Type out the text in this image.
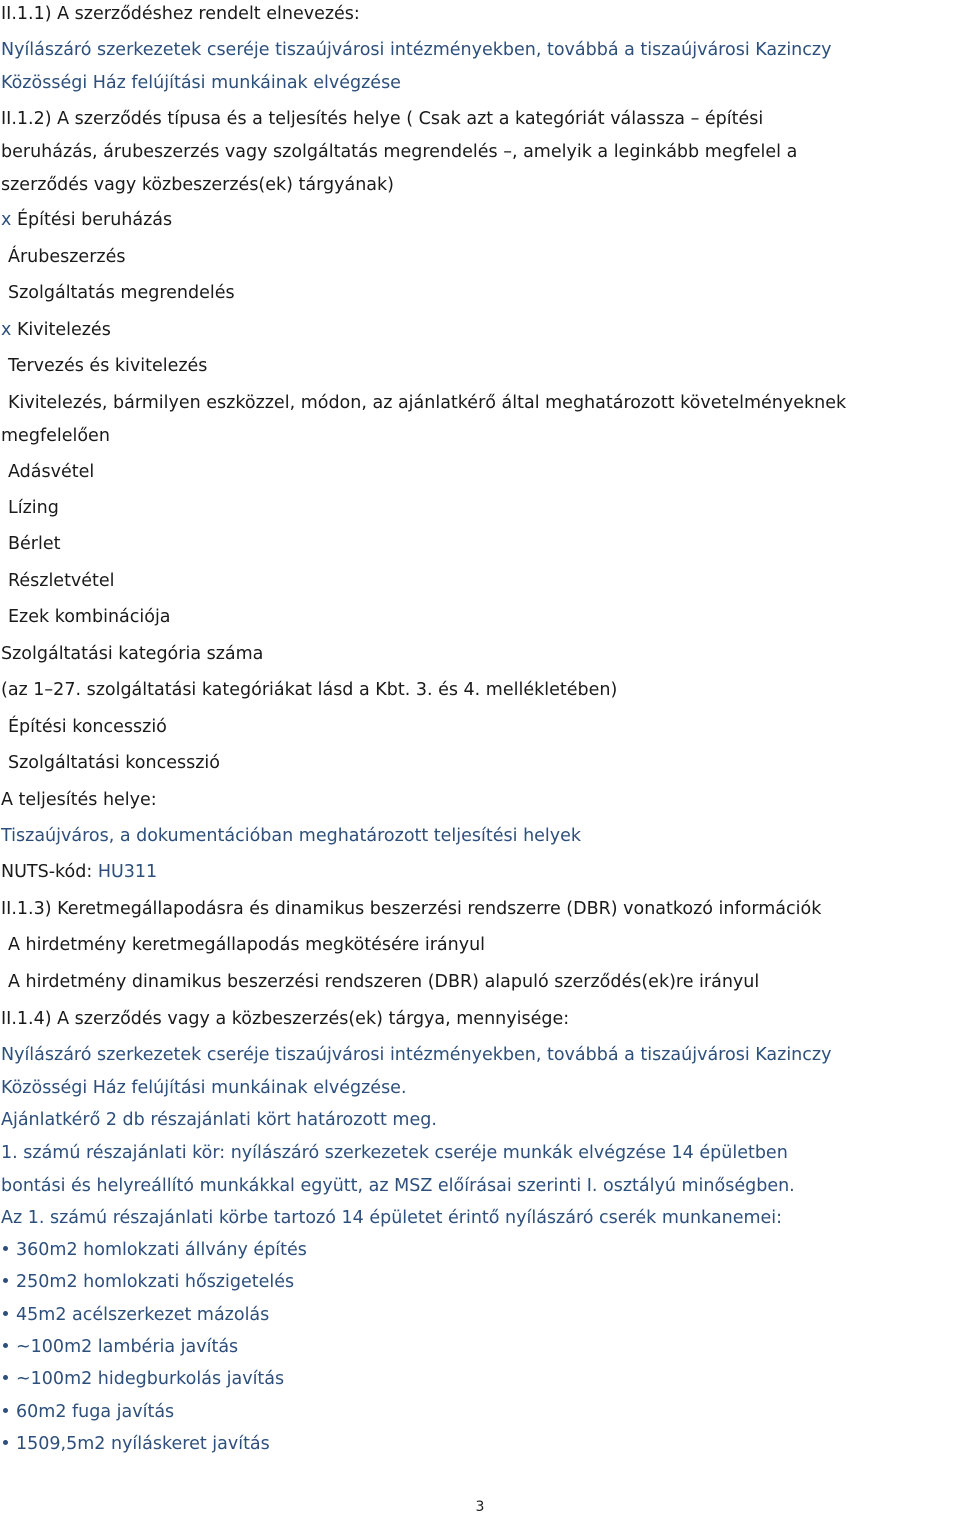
II.1.1) A szerződéshez rendelt elnevezés:
Nyílászáró szerkezetek cseréje tiszaújvárosi intézményekben, továbbá a tiszaújvárosi Kazinczy
Közösségi Ház felújítási munkáinak elvégzése
II.1.2) A szerződés típusa és a teljesítés helye ( Csak azt a kategóriát válassza – építési
beruházás, árubeszerzés vagy szolgáltatás megrendelés –, amelyik a leginkább megfelel a
szerződés vagy közbeszerzés(ek) tárgyának)
x Építési beruházás
Árubeszerzés
Szolgáltatás megrendelés
x Kivitelezés
Tervezés és kivitelezés
Kivitelezés, bármilyen eszközzel, módon, az ajánlatkérő által meghatározott követelményeknek
megfelelően
Adásvétel
Lízing
Bérlet
Részletvétel
Ezek kombinációja
Szolgáltatási kategória száma
(az 1–27. szolgáltatási kategóriákat lásd a Kbt. 3. és 4. mellékletében)
Építési koncesszió
Szolgáltatási koncesszió
A teljesítés helye:
Tiszaújváros, a dokumentációban meghatározott teljesítési helyek
NUTS-kód: HU311
II.1.3) Keretmegállapodásra és dinamikus beszerzési rendszerre (DBR) vonatkozó információk
A hirdetmény keretmegállapodás megkötésére irányul
A hirdetmény dinamikus beszerzési rendszeren (DBR) alapuló szerződés(ek)re irányul
II.1.4) A szerződés vagy a közbeszerzés(ek) tárgya, mennyisége:
Nyílászáró szerkezetek cseréje tiszaújvárosi intézményekben, továbbá a tiszaújvárosi Kazinczy
Közösségi Ház felújítási munkáinak elvégzése.
Ajánlatkérő 2 db részajánlati kört határozott meg.
1. számú részajánlati kör: nyílászáró szerkezetek cseréje munkák elvégzése 14 épületben
bontási és helyreállító munkákkal együtt, az MSZ előírásai szerinti I. osztályú minőségben.
Az 1. számú részajánlati körbe tartozó 14 épületet érintő nyílászáró cserék munkanemei:
360m2 homlokzati állvány építés
250m2 homlokzati hőszigetelés
45m2 acélszerkezet mázolás
~100m2 lambéria javítás
~100m2 hidegburkolás javítás
60m2 fuga javítás
1509,5m2 nyíláskeret javítás
3
